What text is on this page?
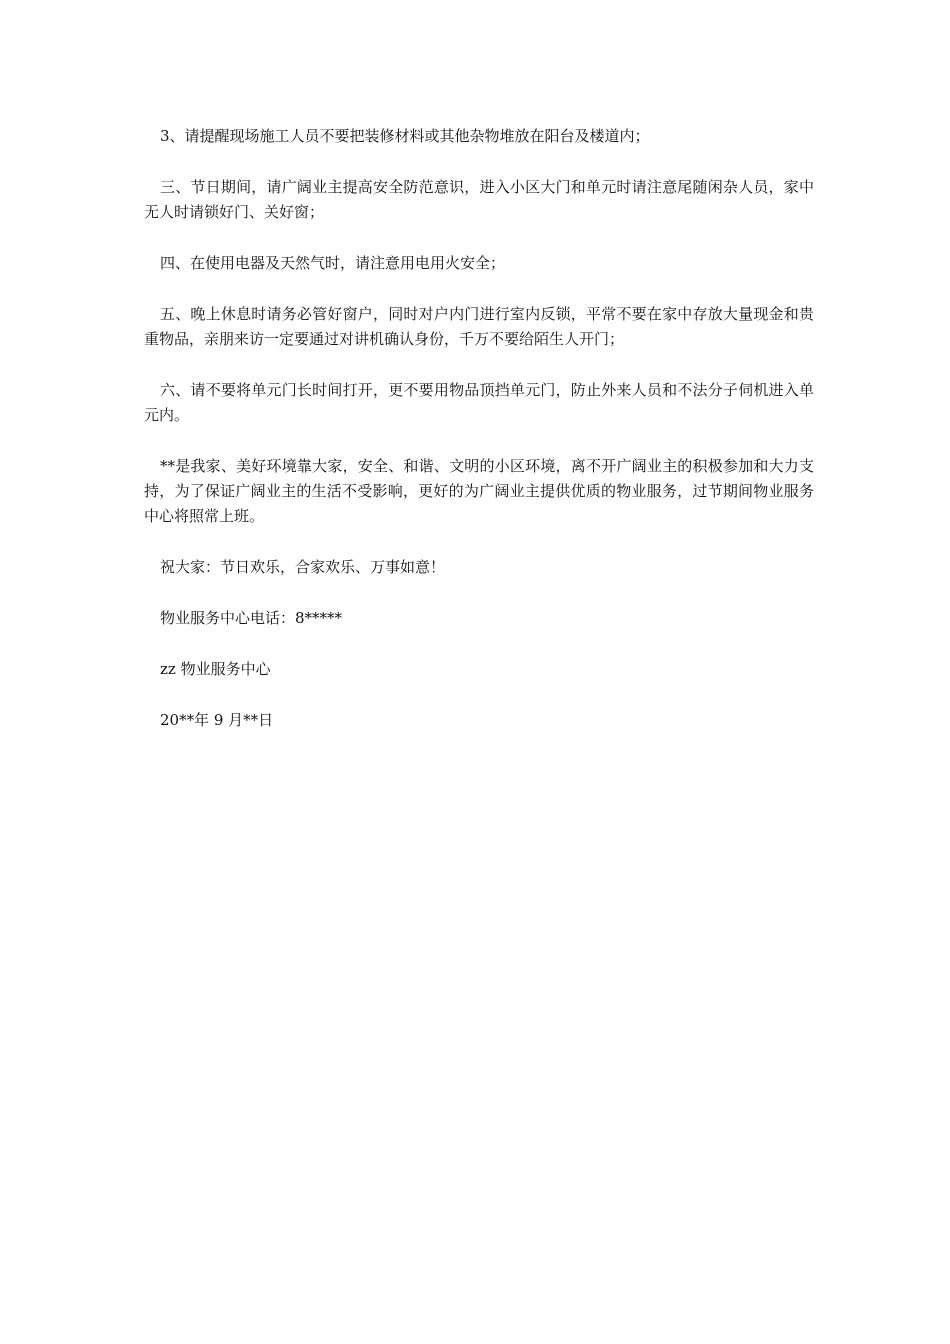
3、请提醒现场施工人员不要把装修材料或其他杂物堆放在阳台及楼道内；

三、节日期间，请广阔业主提高安全防范意识，进入小区大门和单元时请注意尾随闲杂人员，家中无人时请锁好门、关好窗；

四、在使用电器及天然气时，请注意用电用火安全；

五、晚上休息时请务必管好窗户，同时对户内门进行室内反锁，平常不要在家中存放大量现金和贵重物品，亲朋来访一定要通过对讲机确认身份，千万不要给陌生人开门；

六、请不要将单元门长时间打开，更不要用物品顶挡单元门，防止外来人员和不法分子伺机进入单元内。

**是我家、美好环境靠大家，安全、和谐、文明的小区环境，离不开广阔业主的积极参加和大力支持，为了保证广阔业主的生活不受影响，更好的为广阔业主提供优质的物业服务，过节期间物业服务中心将照常上班。

祝大家：节日欢乐，合家欢乐、万事如意！

物业服务中心电话：8*****

zz 物业服务中心

20**年 9 月**日
